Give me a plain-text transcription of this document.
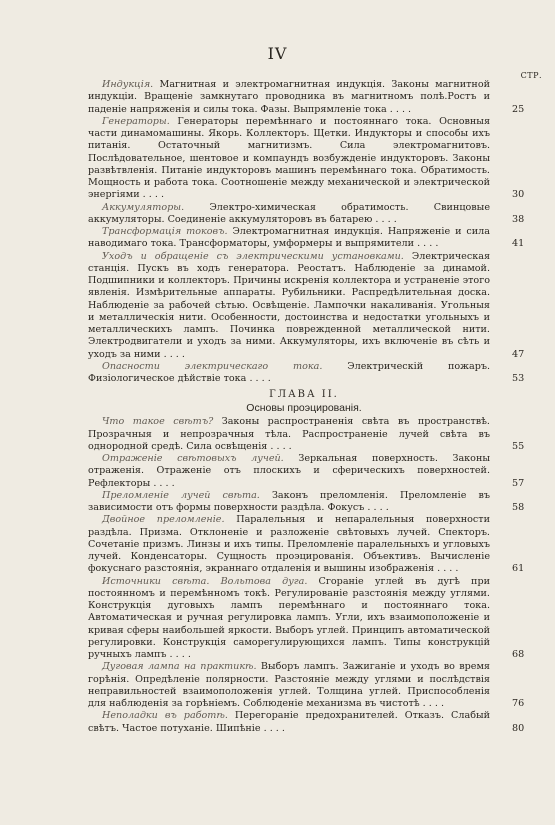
IV
СТР.

Индукція. Магнитная и электромагнитная индукція. Законы магнитной индукціи. Вращеніе замкнутаго проводника въ магнитномъ полѣ.Ростъ и паденіе напряженія и силы тока. Фазы. Выпрямленіе тока . . . .	25

Генераторы. Генераторы перемѣннаго и постояннаго тока. Основныя части динамомашины. Якорь. Коллекторъ. Щетки. Индукторы и способы ихъ питанія. Остаточный магнитизмъ. Сила электромагнитовъ. Послѣдовательное, шентовое и компаундъ возбужденіе индукторовъ. Законы развѣтвленія. Питаніе индукторовъ машинъ перемѣннаго тока. Обратимость. Мощность и работа тока. Соотношеніе между механической и электрической энергіями . . . .	30

Аккумуляторы. Электро-химическая обратимость. Свинцовые аккумуляторы. Соединеніе аккумуляторовъ въ батарею . . . .	38

Трансформація токовъ. Электромагнитная индукція. Напряженіе и сила наводимаго тока. Трансформаторы, умформеры и выпрямители . . . .	41

Уходъ и обращеніе съ электрическими установками. Электрическая станція. Пускъ въ ходъ генератора. Реостатъ. Наблюденіе за динамой. Подшипники и коллекторъ. Причины искренія коллектора и устраненіе этого явленія. Измѣрительные аппараты. Рубильники. Распредѣлительная доска. Наблюденіе за рабочей сѣтью. Освѣщеніе. Лампочки накаливанія. Угольныя и металлическія нити. Особенности, достоинства и недостатки угольныхъ и металлическихъ лампъ. Починка поврежденной металлической нити. Электродвигатели и уходъ за ними. Аккумуляторы, ихъ включеніе въ сѣть и уходъ за ними . . . .	47

Опасности электрическаго тока. Электрическій пожаръ. Физіологическое дѣйствіе тока . . . .	53

ГЛАВА II.
Основы проэцированія.

Что такое свѣтъ? Законы распространенія свѣта въ пространствѣ. Прозрачныя и непрозрачныя тѣла. Распространеніе лучей свѣта въ однородной средѣ. Сила освѣщенія . . . .	55

Отраженіе свѣтовыхъ лучей. Зеркальная поверхность. Законы отраженія. Отраженіе отъ плоскихъ и сферическихъ поверхностей. Рефлекторы . . . .	57

Преломленіе лучей свѣта. Законъ преломленія. Преломленіе въ зависимости отъ формы поверхности раздѣла. Фокусъ . . . .	58

Двойное преломленіе. Паралельныя и непаралельныя поверхности раздѣла. Призма. Отклоненіе и разложеніе свѣтовыхъ лучей. Спекторъ. Сочетаніе призмъ. Линзы и ихъ типы. Преломленіе паралельныхъ и угловыхъ лучей. Конденсаторы. Сущность проэцированія. Объективъ. Вычисленіе фокуснаго разстоянія, экраннаго отдаленія и вышины изображенія . . . .	61

Источники свѣта. Вольтова дуга. Сгораніе углей въ дугѣ при постоянномъ и перемѣнномъ токѣ. Регулированіе разстоянія между углями. Конструкція дуговыхъ лампъ перемѣннаго и постояннаго тока. Автоматическая и ручная регулировка лампъ. Угли, ихъ взаимоположеніе и кривая сферы наибольшей яркости. Выборъ углей. Принципъ автоматической регулировки. Конструкція саморегулирующихся лампъ. Типы конструкцій ручныхъ лампъ . . . .	68

Дуговая лампа на практикѣ. Выборъ лампъ. Зажиганіе и уходъ во время горѣнія. Опредѣленіе полярности. Разстояніе между углями и послѣдствія неправильностей взаимоположенія углей. Толщина углей. Приспособленія для наблюденія за горѣніемъ. Соблюденіе механизма въ чистотѣ . . . .	76

Неполадки въ работѣ. Перегораніе предохранителей. Отказъ. Слабый свѣтъ. Частое потуханіе. Шипѣніе . . . .	80
